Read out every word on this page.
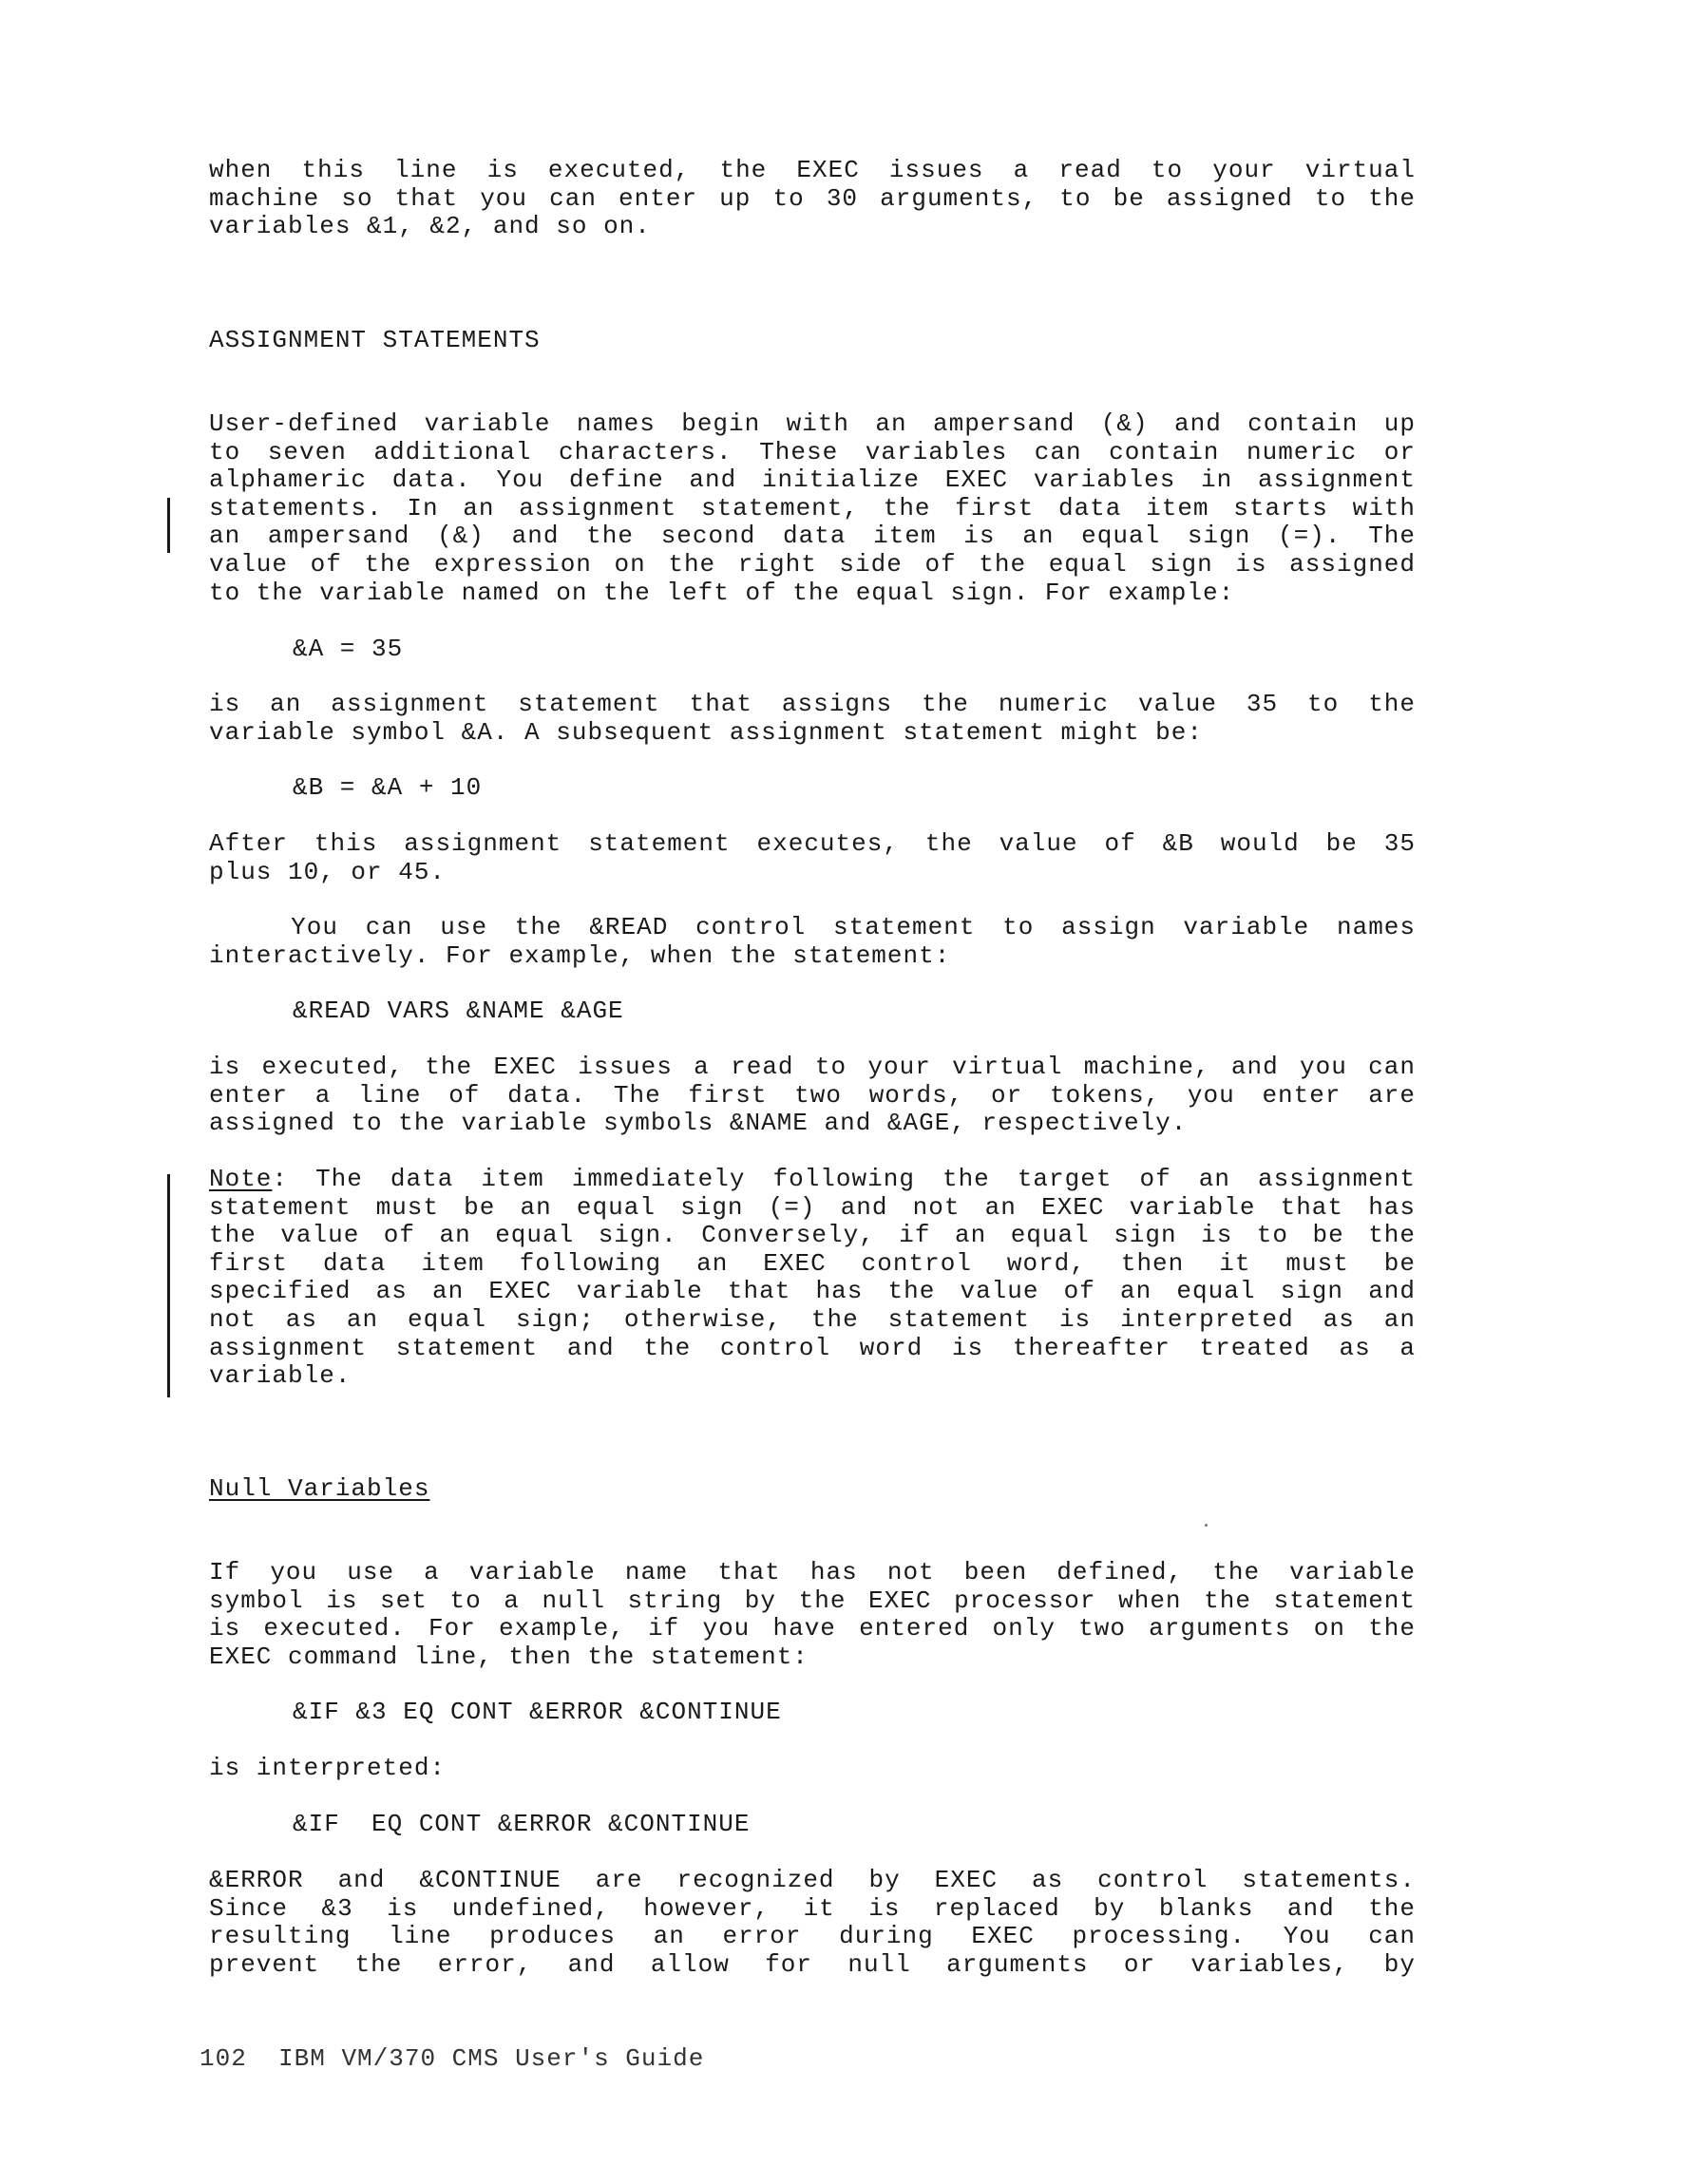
when this line is executed, the EXEC issues a read to your virtual
machine so that you can enter up to 30 arguments, to be assigned to the
variables &1, &2, and so on.
ASSIGNMENT STATEMENTS
User-defined variable names begin with an ampersand (&) and contain up
to seven additional characters. These variables can contain numeric or
alphameric data. You define and initialize EXEC variables in assignment
statements. In an assignment statement, the first data item starts with
an ampersand (&) and the second data item is an equal sign (=). The
value of the expression on the right side of the equal sign is assigned
to the variable named on the left of the equal sign. For example:
&A = 35
is an assignment statement that assigns the numeric value 35 to the
variable symbol &A. A subsequent assignment statement might be:
&B = &A + 10
After this assignment statement executes, the value of &B would be 35
plus 10, or 45.
You can use the &READ control statement to assign variable names
interactively. For example, when the statement:
&READ VARS &NAME &AGE
is executed, the EXEC issues a read to your virtual machine, and you can
enter a line of data. The first two words, or tokens, you enter are
assigned to the variable symbols &NAME and &AGE, respectively.
Note: The data item immediately following the target of an assignment
statement must be an equal sign (=) and not an EXEC variable that has
the value of an equal sign. Conversely, if an equal sign is to be the
first data item following an EXEC control word, then it must be
specified as an EXEC variable that has the value of an equal sign and
not as an equal sign; otherwise, the statement is interpreted as an
assignment statement and the control word is thereafter treated as a
variable.
Null Variables
If you use a variable name that has not been defined, the variable
symbol is set to a null string by the EXEC processor when the statement
is executed. For example, if you have entered only two arguments on the
EXEC command line, then the statement:
&IF &3 EQ CONT &ERROR &CONTINUE
is interpreted:
&IF  EQ CONT &ERROR &CONTINUE
&ERROR and &CONTINUE are recognized by EXEC as control statements.
Since &3 is undefined, however, it is replaced by blanks and the
resulting line produces an error during EXEC processing. You can
prevent the error, and allow for null arguments or variables, by
102 IBM VM/370 CMS User's Guide
